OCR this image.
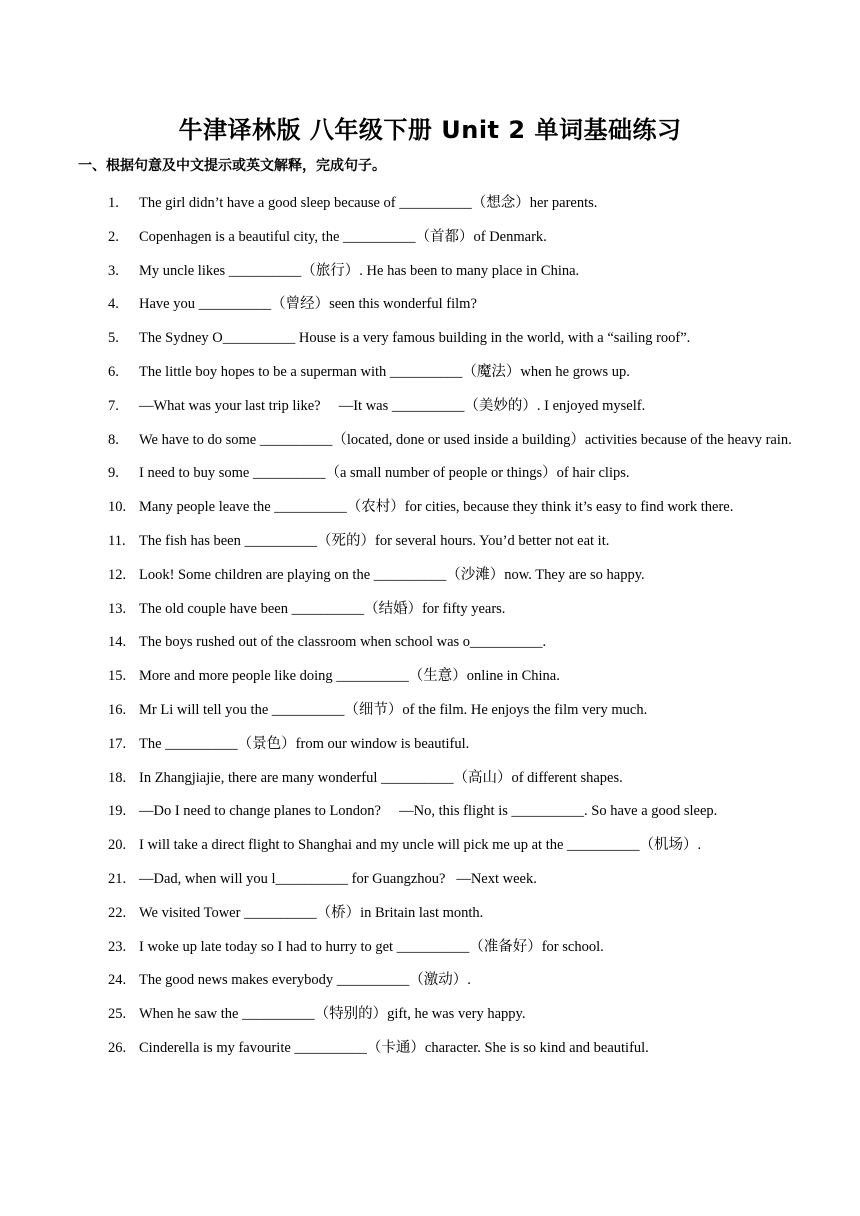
牛津译林版 八年级下册 Unit 2 单词基础练习
一、根据句意及中文提示或英文解释，完成句子。
1.	The girl didn’t have a good sleep because of __________（想念）her parents.
2.	Copenhagen is a beautiful city, the __________（首都）of Denmark.
3.	My uncle likes __________（旅行）. He has been to many place in China.
4.	Have you __________（曾经）seen this wonderful film?
5.	The Sydney O__________ House is a very famous building in the world, with a “sailing roof”.
6.	The little boy hopes to be a superman with __________（魔法）when he grows up.
7.	—What was your last trip like?     —It was __________（美妙的）. I enjoyed myself.
8.	We have to do some __________（located, done or used inside a building）activities because of the heavy rain.
9.	I need to buy some __________（a small number of people or things）of hair clips.
10. Many people leave the __________（农村）for cities, because they think it’s easy to find work there.
11. The fish has been __________（死的）for several hours. You’d better not eat it.
12. Look! Some children are playing on the __________（沙滩）now. They are so happy.
13. The old couple have been __________（结婚）for fifty years.
14. The boys rushed out of the classroom when school was o__________.
15. More and more people like doing __________（生意）online in China.
16. Mr Li will tell you the __________（细节）of the film. He enjoys the film very much.
17. The __________（景色）from our window is beautiful.
18. In Zhangjiajie, there are many wonderful __________（高山）of different shapes.
19. —Do I need to change planes to London?     —No, this flight is __________. So have a good sleep.
20. I will take a direct flight to Shanghai and my uncle will pick me up at the __________（机场）.
21. —Dad, when will you l__________ for Guangzhou?   —Next week.
22. We visited Tower __________（桥）in Britain last month.
23. I woke up late today so I had to hurry to get __________（准备好）for school.
24. The good news makes everybody __________（激动）.
25. When he saw the __________（特别的）gift, he was very happy.
26. Cinderella is my favourite __________（卡通）character. She is so kind and beautiful.
